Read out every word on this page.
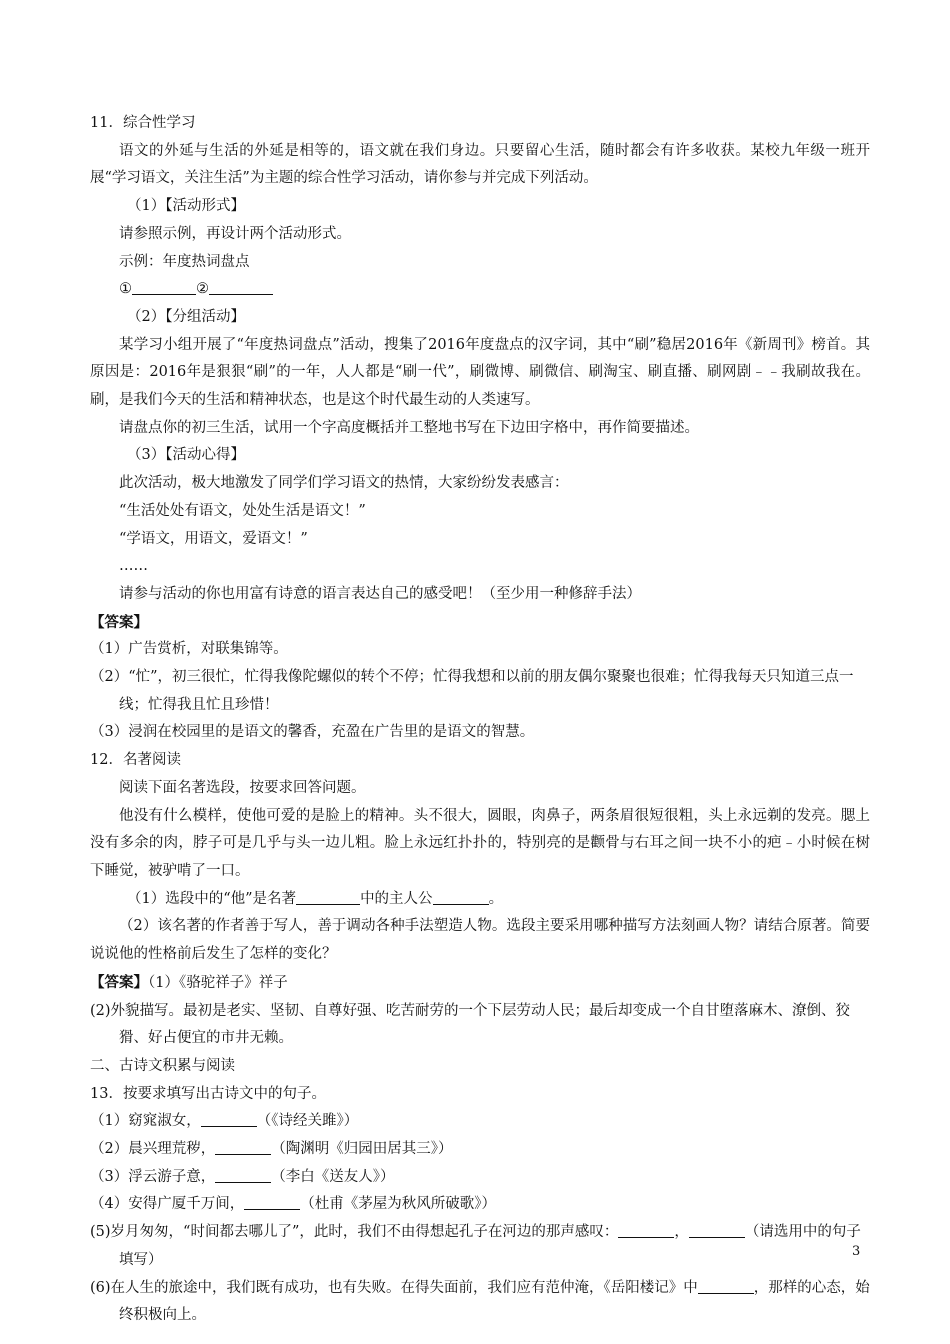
11．综合性学习

语文的外延与生活的外延是相等的，语文就在我们身边。只要留心生活，随时都会有许多收获。某校九年级一班开展“学习语文，关注生活”为主题的综合性学习活动，请你参与并完成下列活动。

（1）【活动形式】

请参照示例，再设计两个活动形式。

示例：年度热词盘点

①	②

（2）【分组活动】

某学习小组开展了“年度热词盘点”活动，搜集了2016年度盘点的汉字词，其中“刷”稳居2016年《新周刊》榜首。其原因是：2016年是狠狠“刷”的一年，人人都是“刷一代”，刷微博、刷微信、刷淘宝、刷直播、刷网剧﹣﹣我刷故我在。刷，是我们今天的生活和精神状态，也是这个时代最生动的人类速写。

请盘点你的初三生活，试用一个字高度概括并工整地书写在下边田字格中，再作简要描述。

（3）【活动心得】

此次活动，极大地激发了同学们学习语文的热情，大家纷纷发表感言：

“生活处处有语文，处处生活是语文！”

“学语文，用语文，爱语文！”

……

请参与活动的你也用富有诗意的语言表达自己的感受吧！（至少用一种修辞手法）

【答案】

（1）广告赏析，对联集锦等。

（2）“忙”，初三很忙，忙得我像陀螺似的转个不停；忙得我想和以前的朋友偶尔聚聚也很难；忙得我每天只知道三点一线；忙得我且忙且珍惜！

（3）浸润在校园里的是语文的馨香，充盈在广告里的是语文的智慧。

12．名著阅读

阅读下面名著选段，按要求回答问题。

他没有什么模样，使他可爱的是脸上的精神。头不很大，圆眼，肉鼻子，两条眉很短很粗，头上永远剃的发亮。腮上没有多余的肉，脖子可是几乎与头一边儿粗。脸上永远红扑扑的，特别亮的是颧骨与右耳之间一块不小的疤﹣小时候在树下睡觉，被驴啃了一口。

（1）选段中的“他”是名著	中的主人公	。

（2）该名著的作者善于写人，善于调动各种手法塑造人物。选段主要采用哪种描写方法刻画人物？请结合原著。简要说说他的性格前后发生了怎样的变化？

【答案】（1）《骆驼祥子》祥子

(2)外貌描写。最初是老实、坚韧、自尊好强、吃苦耐劳的一个下层劳动人民；最后却变成一个自甘堕落麻木、潦倒、狡猾、好占便宜的市井无赖。

二、古诗文积累与阅读

13．按要求填写出古诗文中的句子。

（1）窈窕淑女，	（《诗经关雎》）

（2）晨兴理荒秽，	（陶渊明《归园田居其三》）

（3）浮云游子意，	（李白《送友人》）

（4）安得广厦千万间，	（杜甫《茅屋为秋风所破歌》）

(5)岁月匆匆，“时间都去哪儿了”，此时，我们不由得想起孔子在河边的那声感叹：	，	（请选用中的句子填写）

(6)在人生的旅途中，我们既有成功，也有失败。在得失面前，我们应有范仲淹，《岳阳楼记》中	，那样的心态，始终积极向上。

3
